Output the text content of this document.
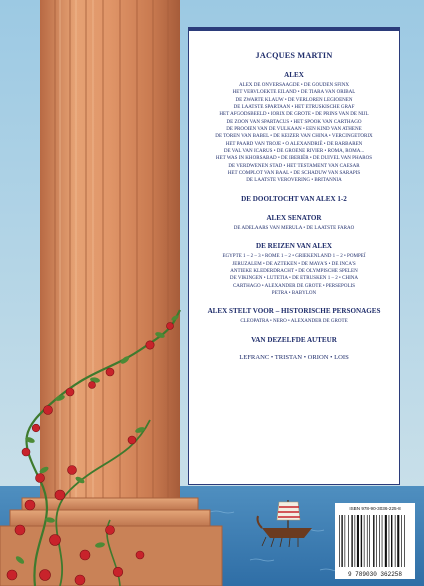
JACQUES MARTIN
ALEX
ALEX DE ONVERSAAGDE • DE GOUDEN SFINX
HET VERVLOEKTE EILAND • DE TIARA VAN ORIBAL
DE ZWARTE KLAUW • DE VERLOREN LEGIOENEN
DE LAATSTE SPARTAAN • HET ETRUSKISCHE GRAF
HET AFGODSBEELD • IORIX DE GROTE • DE PRINS VAN DE NIJL
DE ZOON VAN SPARTACUS • HET SPOOK VAN CARTHAGO
DE PROOIEN VAN DE VULKAAN • EEN KIND VAN ATHENE
DE TOREN VAN BABEL • DE KEIZER VAN CHINA • VERCINGETORIX
HET PAARD VAN TROJE • O ALEXANDRIË • DE BARBAREN
DE VAL VAN ICARUS • DE GROENE RIVIER • ROMA, ROMA...
HET WAS IN KHORSABAD • DE IBERIËR • DE DUIVEL VAN PHAROS
DE VERDWENEN STAD • HET TESTAMENT VAN CAESAR
HET COMPLOT VAN BAAL • DE SCHADUW VAN SARAPIS
DE LAATSTE VEROVERING • BRITANNIA
DE DOOLTOCHT VAN ALEX 1-2
ALEX SENATOR
DE ADELAARS VAN MERULA • DE LAATSTE FARAO
DE REIZEN VAN ALEX
EGYPTE 1 – 2 – 3 • ROME 1 – 2 • GRIEKENLAND 1 – 2 • POMPEÏ
JERUZALEM • DE AZTEKEN • DE MAYA'S • DE INCA'S
ANTIEKE KLEDERDRACHT • DE OLYMPISCHE SPELEN
DE VIKINGEN • LUTETIA • DE ETRUSKEN 1 – 2 • CHINA
CARTHAGO • ALEXANDER DE GROTE • PERSEPOLIS
PETRA • BABYLON
ALEX STELT VOOR – HISTORISCHE PERSONAGES
CLEOPATRA • NERO • ALEXANDER DE GROTE
VAN DEZELFDE AUTEUR
LEFRANC • TRISTAN • ORION • LOIS
ISBN 978-90-3036-225-8
9 789030 362258
